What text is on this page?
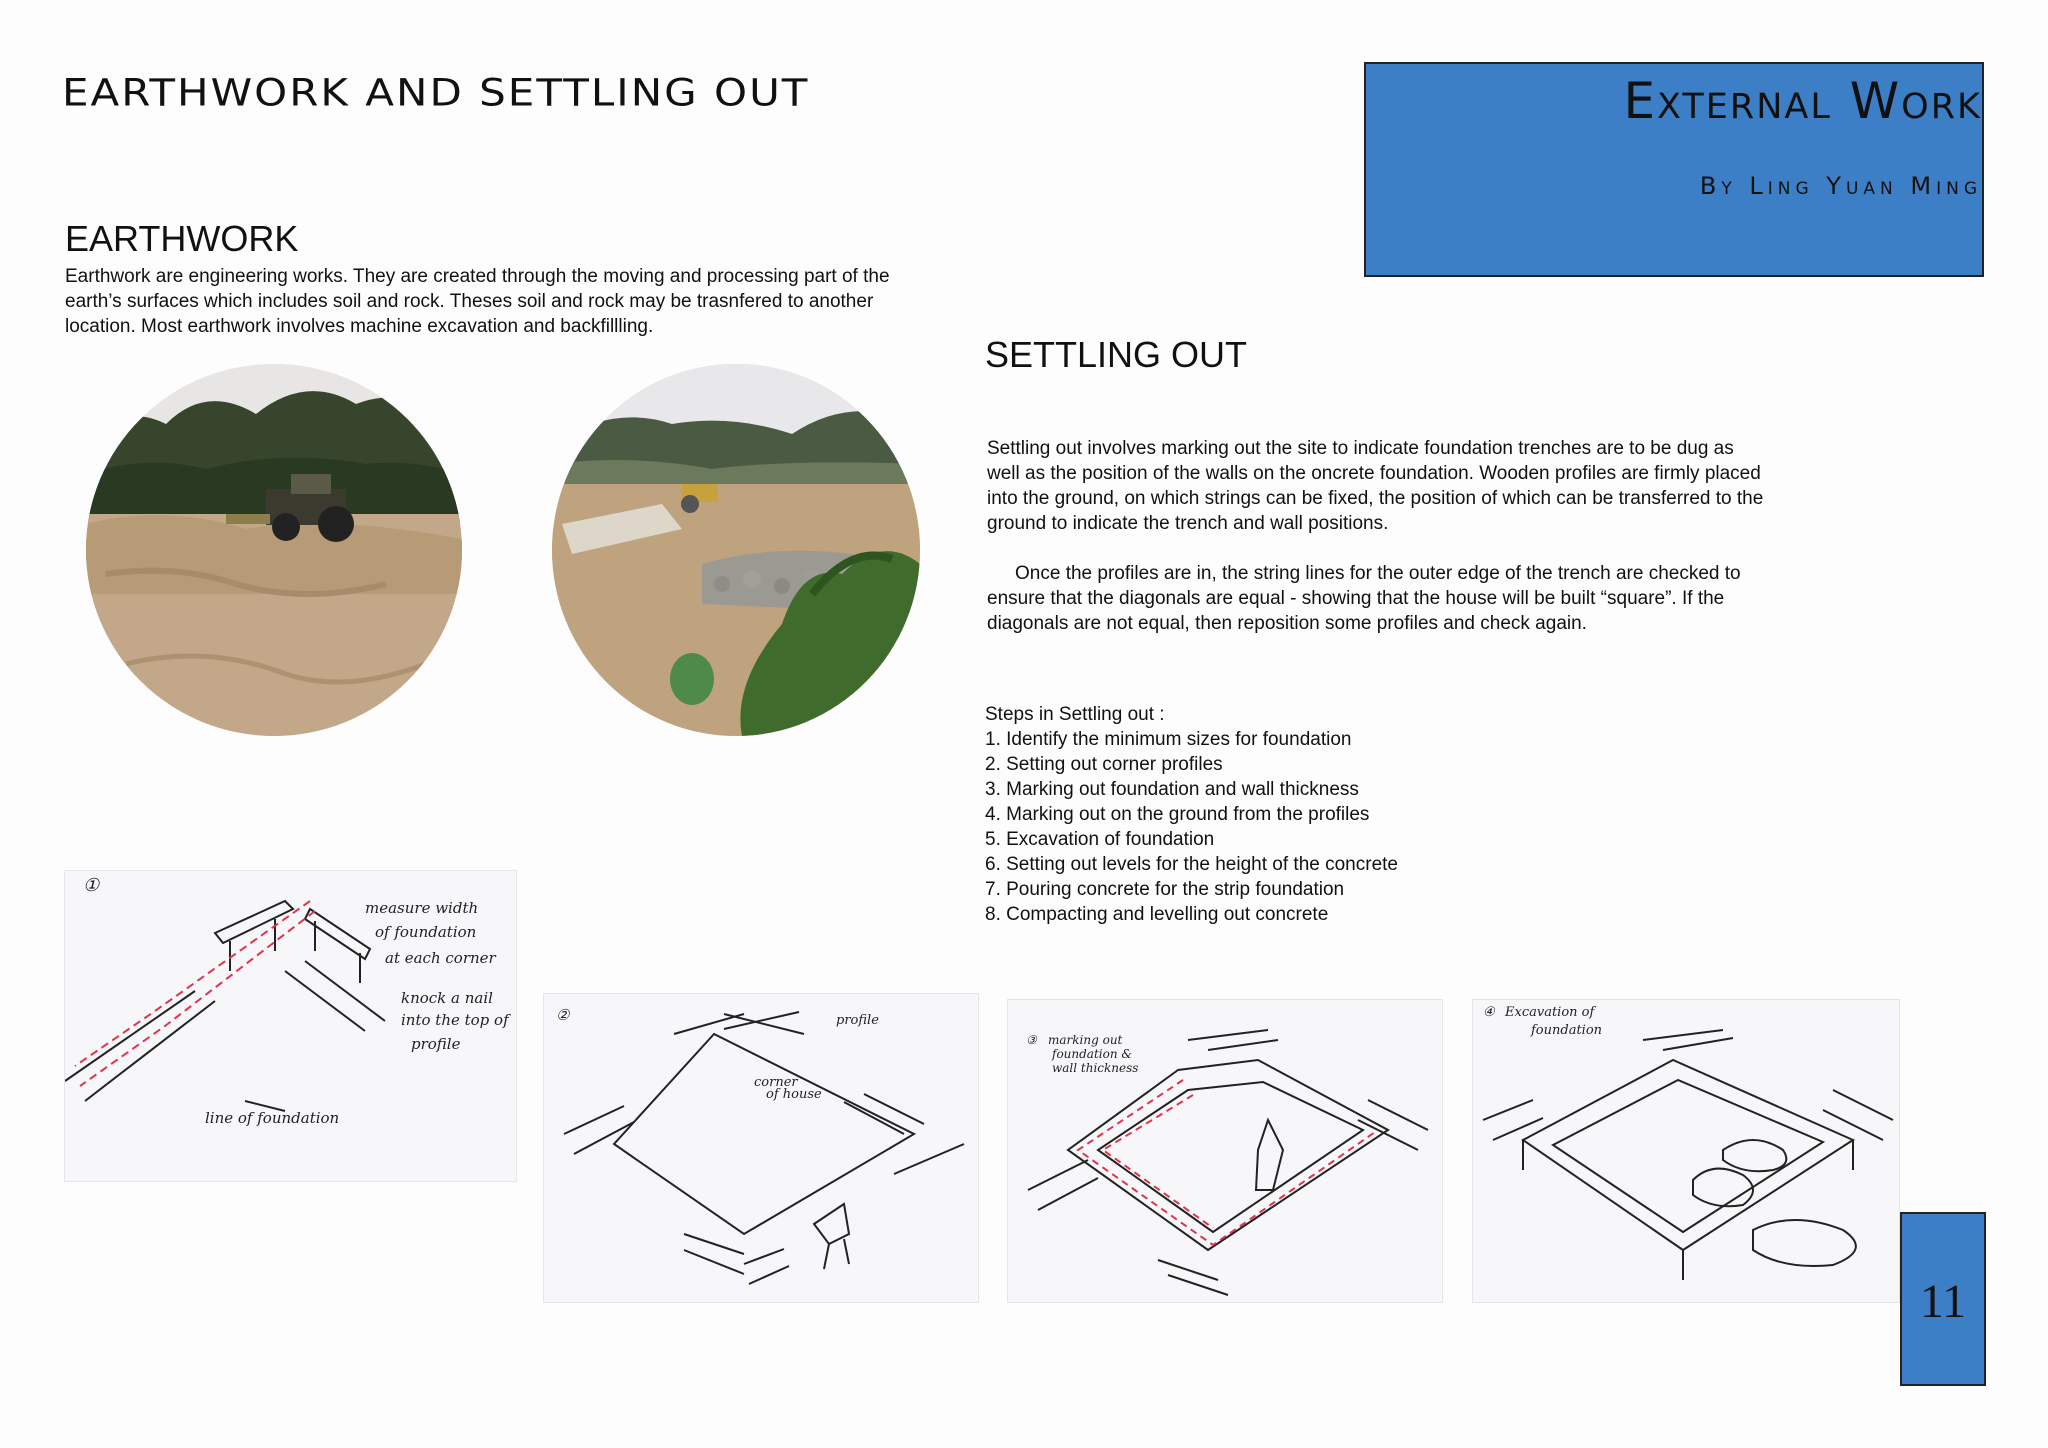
EARTHWORK AND SETTLING OUT	External Work
By Ling Yuan Ming
EARTHWORK
Earthwork are engineering works. They are created through the moving and processing part of the
earth’s surfaces which includes soil and rock. Theses soil and rock may be trasnfered to another
location. Most earthwork involves machine excavation and backfillling.
SETTLING OUT
Settling out involves marking out the site to indicate foundation trenches are to be dug as
well as the position of the walls on the oncrete foundation. Wooden profiles are firmly placed
into the ground, on which strings can be fixed, the position of which can be transferred to the
ground to indicate the trench and wall positions.
Once the profiles are in, the string lines for the outer edge of the trench are checked to
ensure that the diagonals are equal - showing that the house will be built “square”. If the
diagonals are not equal, then reposition some profiles and check again.
Steps in Settling out :
1. Identify the minimum sizes for foundation
2. Setting out corner profiles
3. Marking out foundation and wall thickness
4. Marking out on the ground from the profiles
5. Excavation of foundation
6. Setting out levels for the height of the concrete
7. Pouring concrete for the strip foundation
8. Compacting and levelling out concrete
①
measure width
of foundation
at each corner
knock a nail
into the top of
profile
line of foundation
②	profile
corner
of house
③ marking out
foundation &
wall thickness
④ Excavation of
foundation
11
